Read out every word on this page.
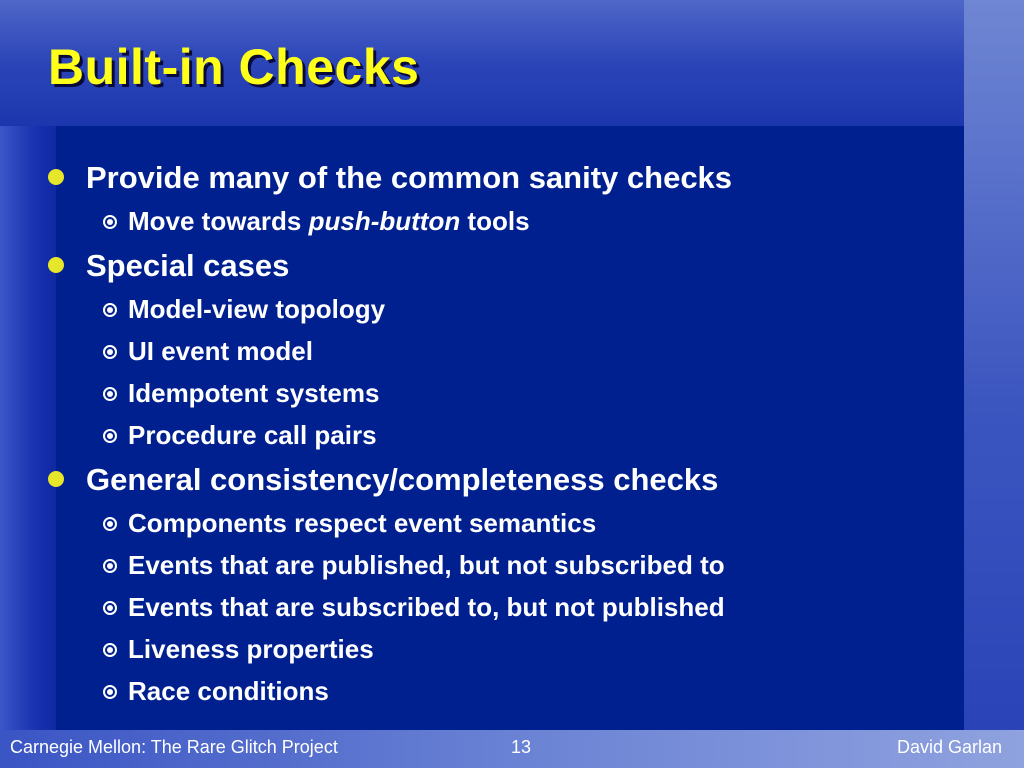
Built-in Checks
Provide many of the common sanity checks
Move towards push-button tools
Special cases
Model-view topology
UI event model
Idempotent systems
Procedure call pairs
General consistency/completeness checks
Components respect event semantics
Events that are published, but not subscribed to
Events that are subscribed to, but not published
Liveness properties
Race conditions
Carnegie Mellon: The Rare Glitch Project	13	David Garlan
